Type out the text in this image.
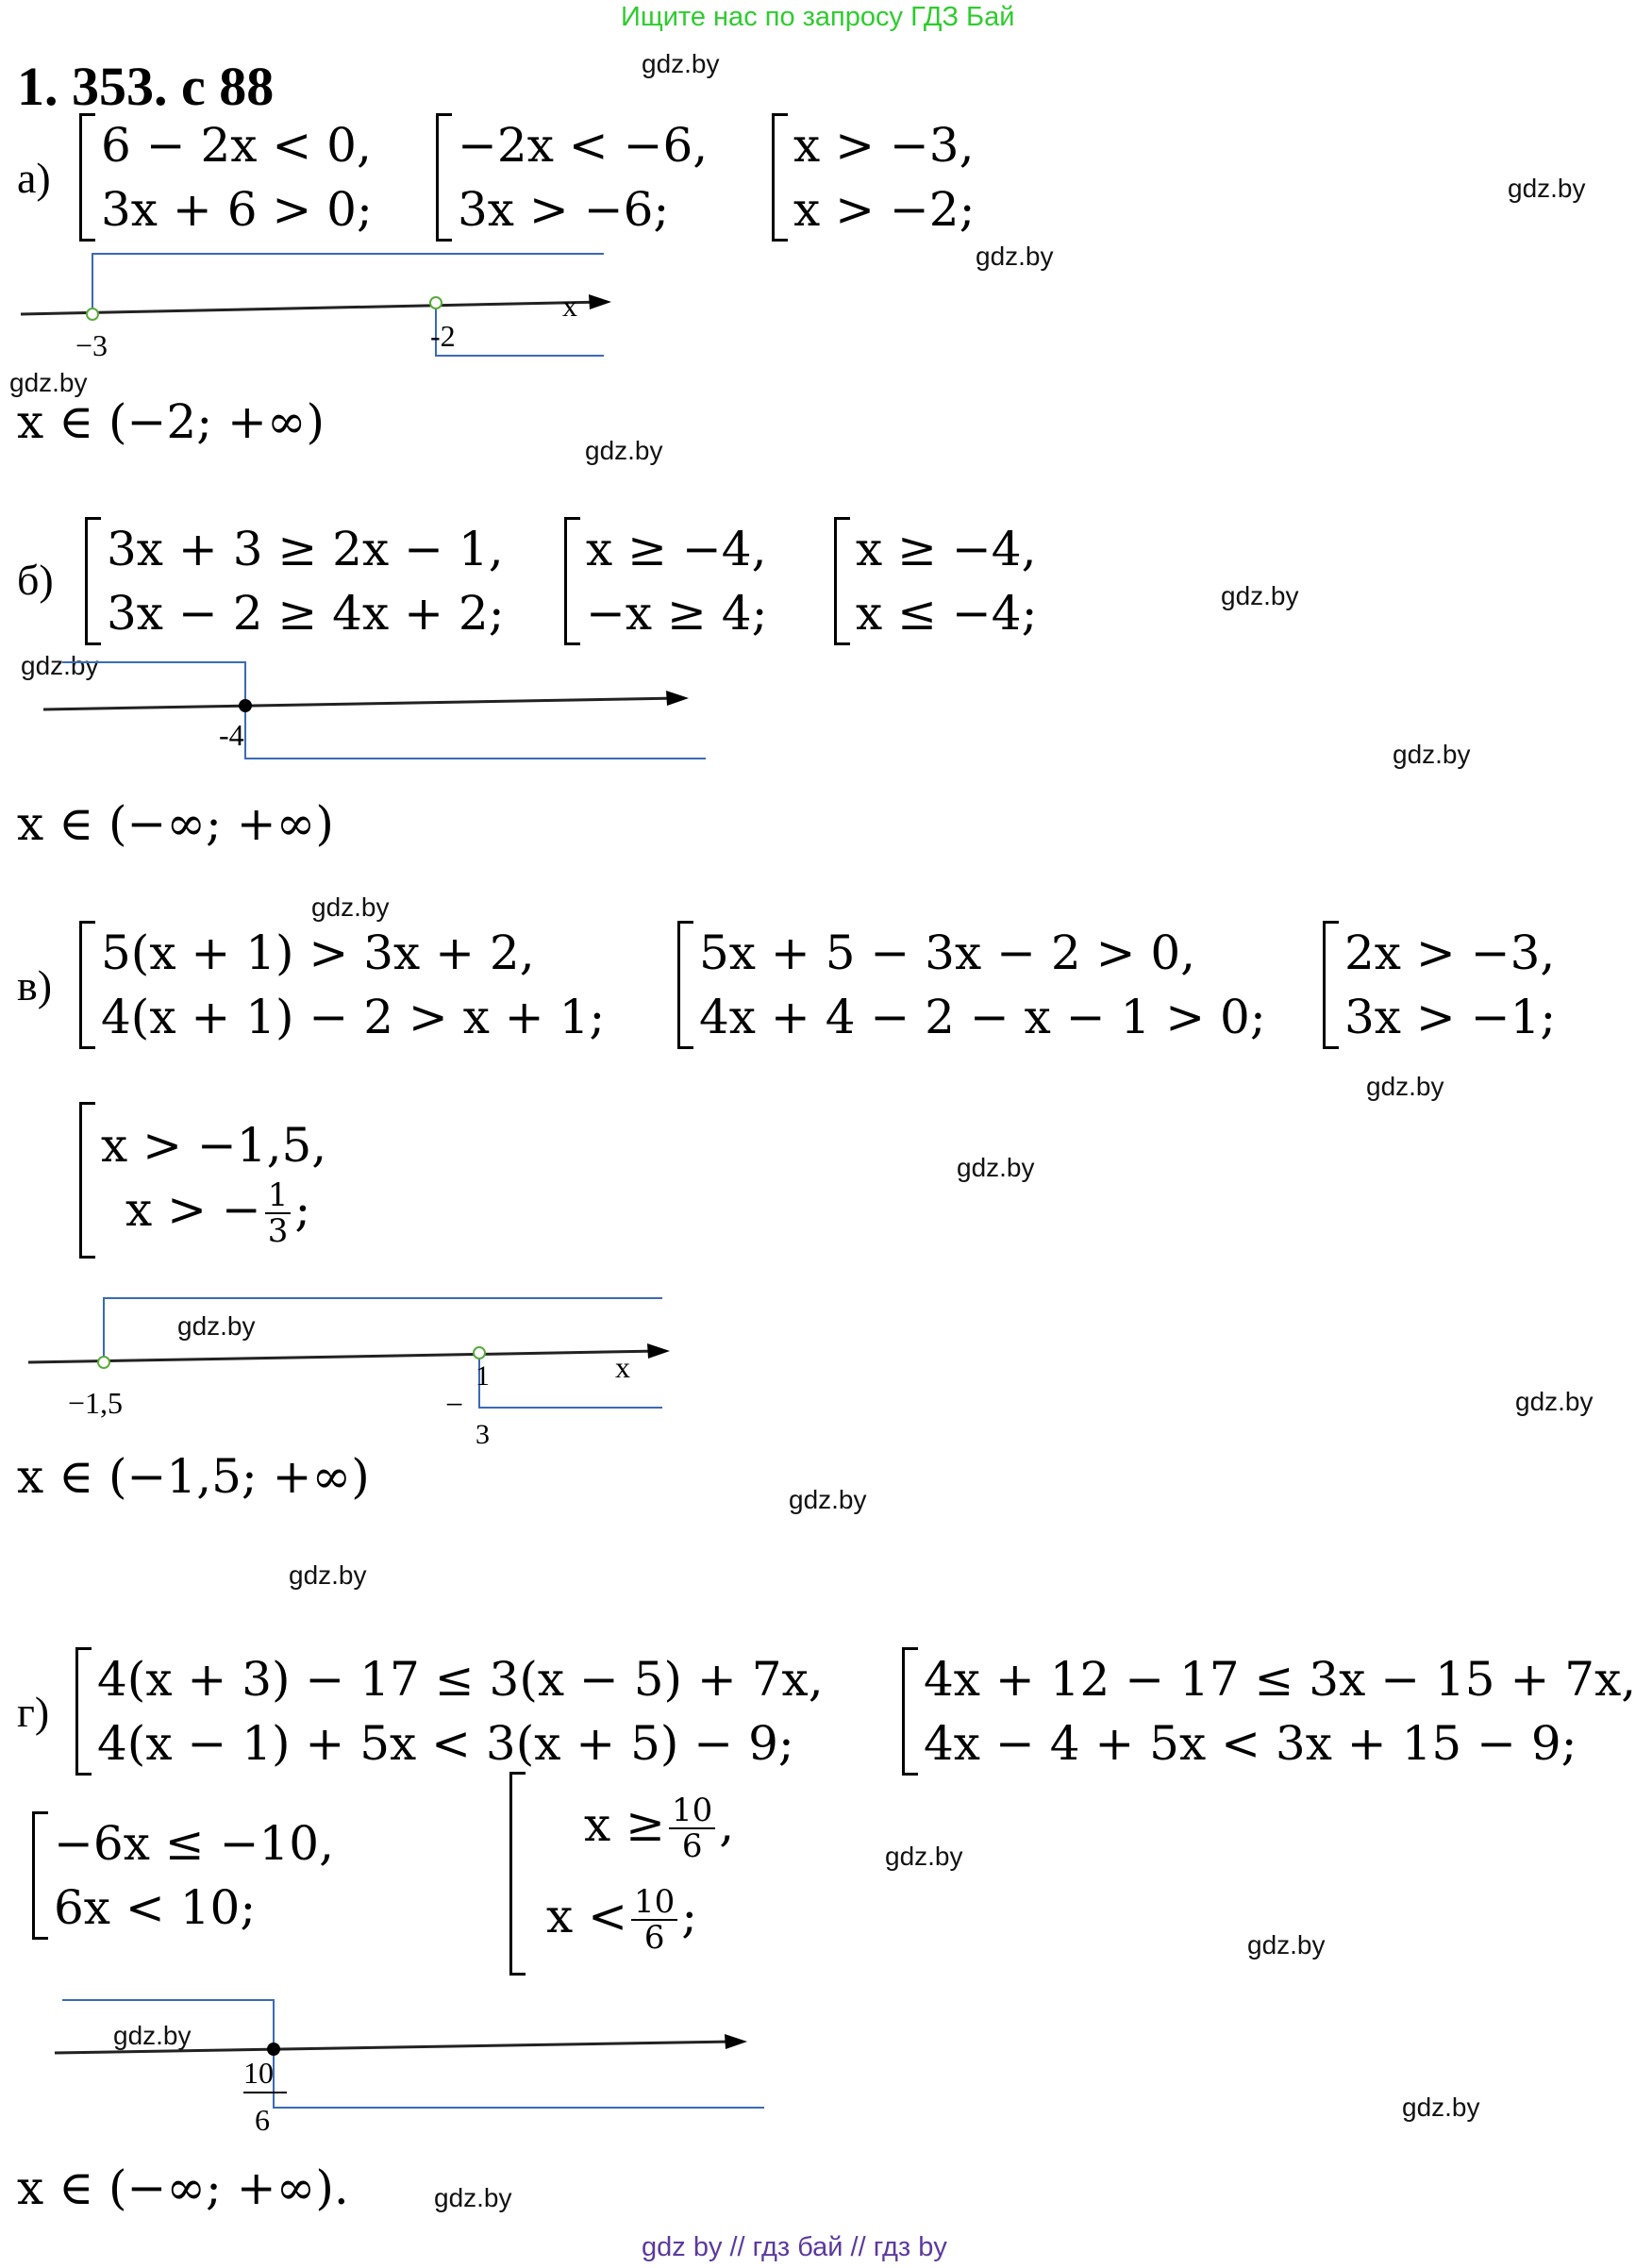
Ищите нас по запросу ГДЗ Бай
1. 353. с 88	gdz.by
gdz.by
gdz.by
gdz.by
gdz.by
gdz.by
gdz.by
gdz.by
gdz.by
gdz.by
gdz.by
gdz.by
gdz.by
gdz.by
gdz.by
gdz.by
gdz.by
gdz.by
gdz.by
gdz.by
а)
6 − 2x < 0,
3x + 6 > 0;
−2x < −6,
3x > −6;
x > −3,
x > −2;
−3	-2
x
x ∈ (−2; +∞)
б)
3x + 3 ≥ 2x − 1,
3x − 2 ≥ 4x + 2;
x ≥ −4,
−x ≥ 4;
x ≥ −4,
x ≤ −4;
-4
x ∈ (−∞; +∞)
в)
5(x + 1) > 3x + 2,
4(x + 1) − 2 > x + 1;
5x + 5 − 3x − 2 > 0,
4x + 4 − 2 − x − 1 > 0;
2x > −3,
3x > −1;
x > −1,5,
x > − $\frac{1}{3}$ ;
−1,5
1
−
3
x
x ∈ (−1,5; +∞)
г)
4(x + 3) − 17 ≤ 3(x − 5) + 7x,
4(x − 1) + 5x < 3(x + 5) − 9;
4x + 12 − 17 ≤ 3x − 15 + 7x,
4x − 4 + 5x < 3x + 15 − 9;
−6x ≤ −10,
6x < 10;
$x \ge \frac{10}{6}$ ,
$x < \frac{10}{6}$ ;
10
6
x ∈ (−∞; +∞).
gdz by // гдз бай // гдз by
